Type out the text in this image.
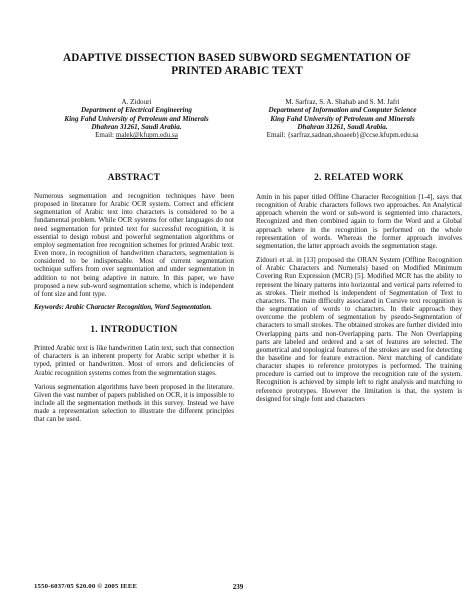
ADAPTIVE DISSECTION BASED SUBWORD SEGMENTATION OF
PRINTED ARABIC TEXT
A. Zidouri
Department of Electrical Engineering
King Fahd University of Petroleum and Minerals
Dhahran 31261, Saudi Arabia.
Email: malek@kfupm.edu.sa
M. Sarfraz, S. A. Shahab and S. M. Jafri
Department of Information and Computer Science
King Fahd University of Petroleum and Minerals
Dhahran 31261, Saudi Arabia.
Email: {sarfraz,sadnan,shoaeeb}@ccse.kfupm.edu.sa
ABSTRACT

Numerous segmentation and recognition techniques have been proposed in literature for Arabic OCR system. Correct and efficient segmentation of Arabic text into characters is considered to be a fundamental problem. While OCR systems for other languages do not need segmentation for printed text for successful recognition, it is essential to design robust and powerful segmentation algorithms or employ segmentation free recognition schemes for printed Arabic text. Even more, in recognition of handwritten characters, segmentation is considered to be indispensable. Most of current segmentation technique suffers from over segmentation and under segmentation in addition to not being adaptive in nature. In this paper, we have proposed a new sub-word segmentation scheme, which is independent of font size and font type.

Keywords: Arabic Character Recognition, Word Segmentation.

1. INTRODUCTION

Printed Arabic text is like handwritten Latin text, such that connection of characters is an inherent property for Arabic script whether it is typed, printed or handwritten. Most of errors and deficiencies of Arabic recognition systems comes from the segmentation stages.

Various segmentation algorithms have been proposed in the literature. Given the vast number of papers published on OCR, it is impossible to include all the segmentation methods in this survey. Instead we have made a representation selection to illustrate the different principles that can be used.

2. RELATED WORK

Amin in his paper titled Offline Character Recognition [1-4], says that recognition of Arabic characters follows two approaches. An Analytical approach wherein the word or sub-word is segmented into characters, Recognized and then combined again to form the Word and a Global approach where in the recognition is performed on the whole representation of words. Whereas the former approach involves segmentation, the latter approach avoids the segmentation stage.

Zidouri et al. in [13] proposed the ORAN System (Offline Recognition of Arabic Characters and Numerals) based on Modified Minimum Covering Run Expression (MCR) [5]. Modified MCR has the ability to represent the binary patterns into horizontal and vertical parts referred to as strokes. Their method is independent of Segmentation of Text to characters. The main difficulty associated in Cursive text recognition is the segmentation of words to characters. In their approach they overcome the problem of segmentation by pseudo-Segmentation of characters to small strokes. The obtained strokes are further divided into Overlapping parts and non-Overlapping parts. The Non Overlapping parts are labeled and ordered and a set of features are selected. The geometrical and topological features of the strokes are used for detecting the baseline and for feature extraction. Next matching of candidate character shapes to reference prototypes is performed. The training procedure is carried out to improve the recognition rate of the system. Recognition is achieved by simple left to right analysis and matching to reference prototypes. However the limitation is that, the system is designed for single font and characters

1550-6037/05 $20.00 © 2005 IEEE	239
